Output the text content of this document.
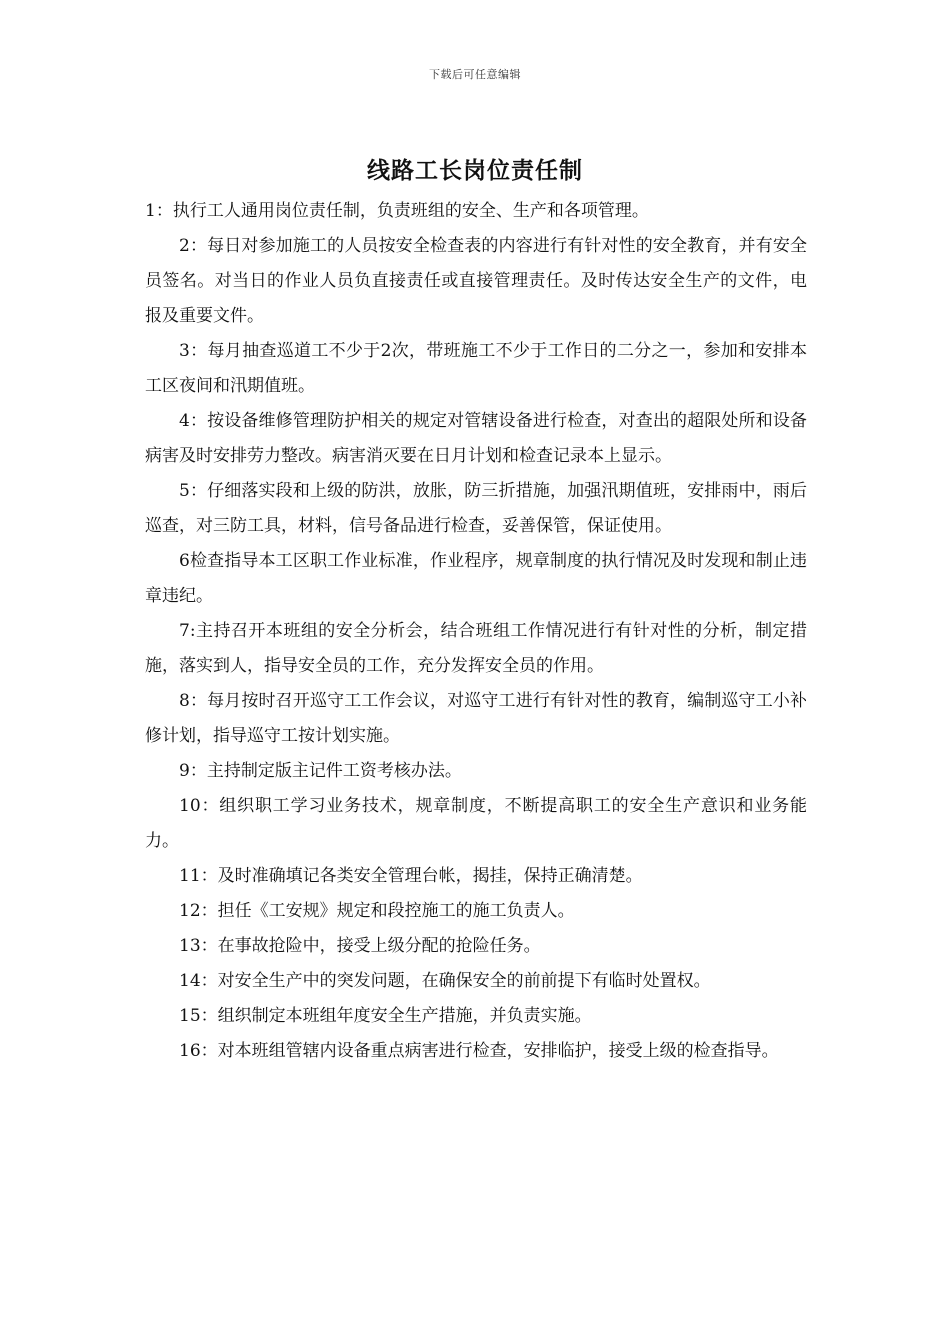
下载后可任意编辑
线路工长岗位责任制

1：执行工人通用岗位责任制，负责班组的安全、生产和各项管理。

2：每日对参加施工的人员按安全检查表的内容进行有针对性的安全教育，并有安全员签名。对当日的作业人员负直接责任或直接管理责任。及时传达安全生产的文件，电报及重要文件。

3：每月抽查巡道工不少于2次，带班施工不少于工作日的二分之一，参加和安排本工区夜间和汛期值班。

4：按设备维修管理防护相关的规定对管辖设备进行检查，对查出的超限处所和设备病害及时安排劳力整改。病害消灭要在日月计划和检查记录本上显示。

5：仔细落实段和上级的防洪，放胀，防三折措施，加强汛期值班，安排雨中，雨后巡查，对三防工具，材料，信号备品进行检查，妥善保管，保证使用。

6检查指导本工区职工作业标准，作业程序，规章制度的执行情况及时发现和制止违章违纪。

7:主持召开本班组的安全分析会，结合班组工作情况进行有针对性的分析，制定措施，落实到人，指导安全员的工作，充分发挥安全员的作用。

8：每月按时召开巡守工工作会议，对巡守工进行有针对性的教育，编制巡守工小补修计划，指导巡守工按计划实施。

9：主持制定版主记件工资考核办法。

10：组织职工学习业务技术，规章制度，不断提高职工的安全生产意识和业务能力。

11：及时准确填记各类安全管理台帐，揭挂，保持正确清楚。

12：担任《工安规》规定和段控施工的施工负责人。

13：在事故抢险中，接受上级分配的抢险任务。

14：对安全生产中的突发问题，在确保安全的前前提下有临时处置权。

15：组织制定本班组年度安全生产措施，并负责实施。

16：对本班组管辖内设备重点病害进行检查，安排临护，接受上级的检查指导。
